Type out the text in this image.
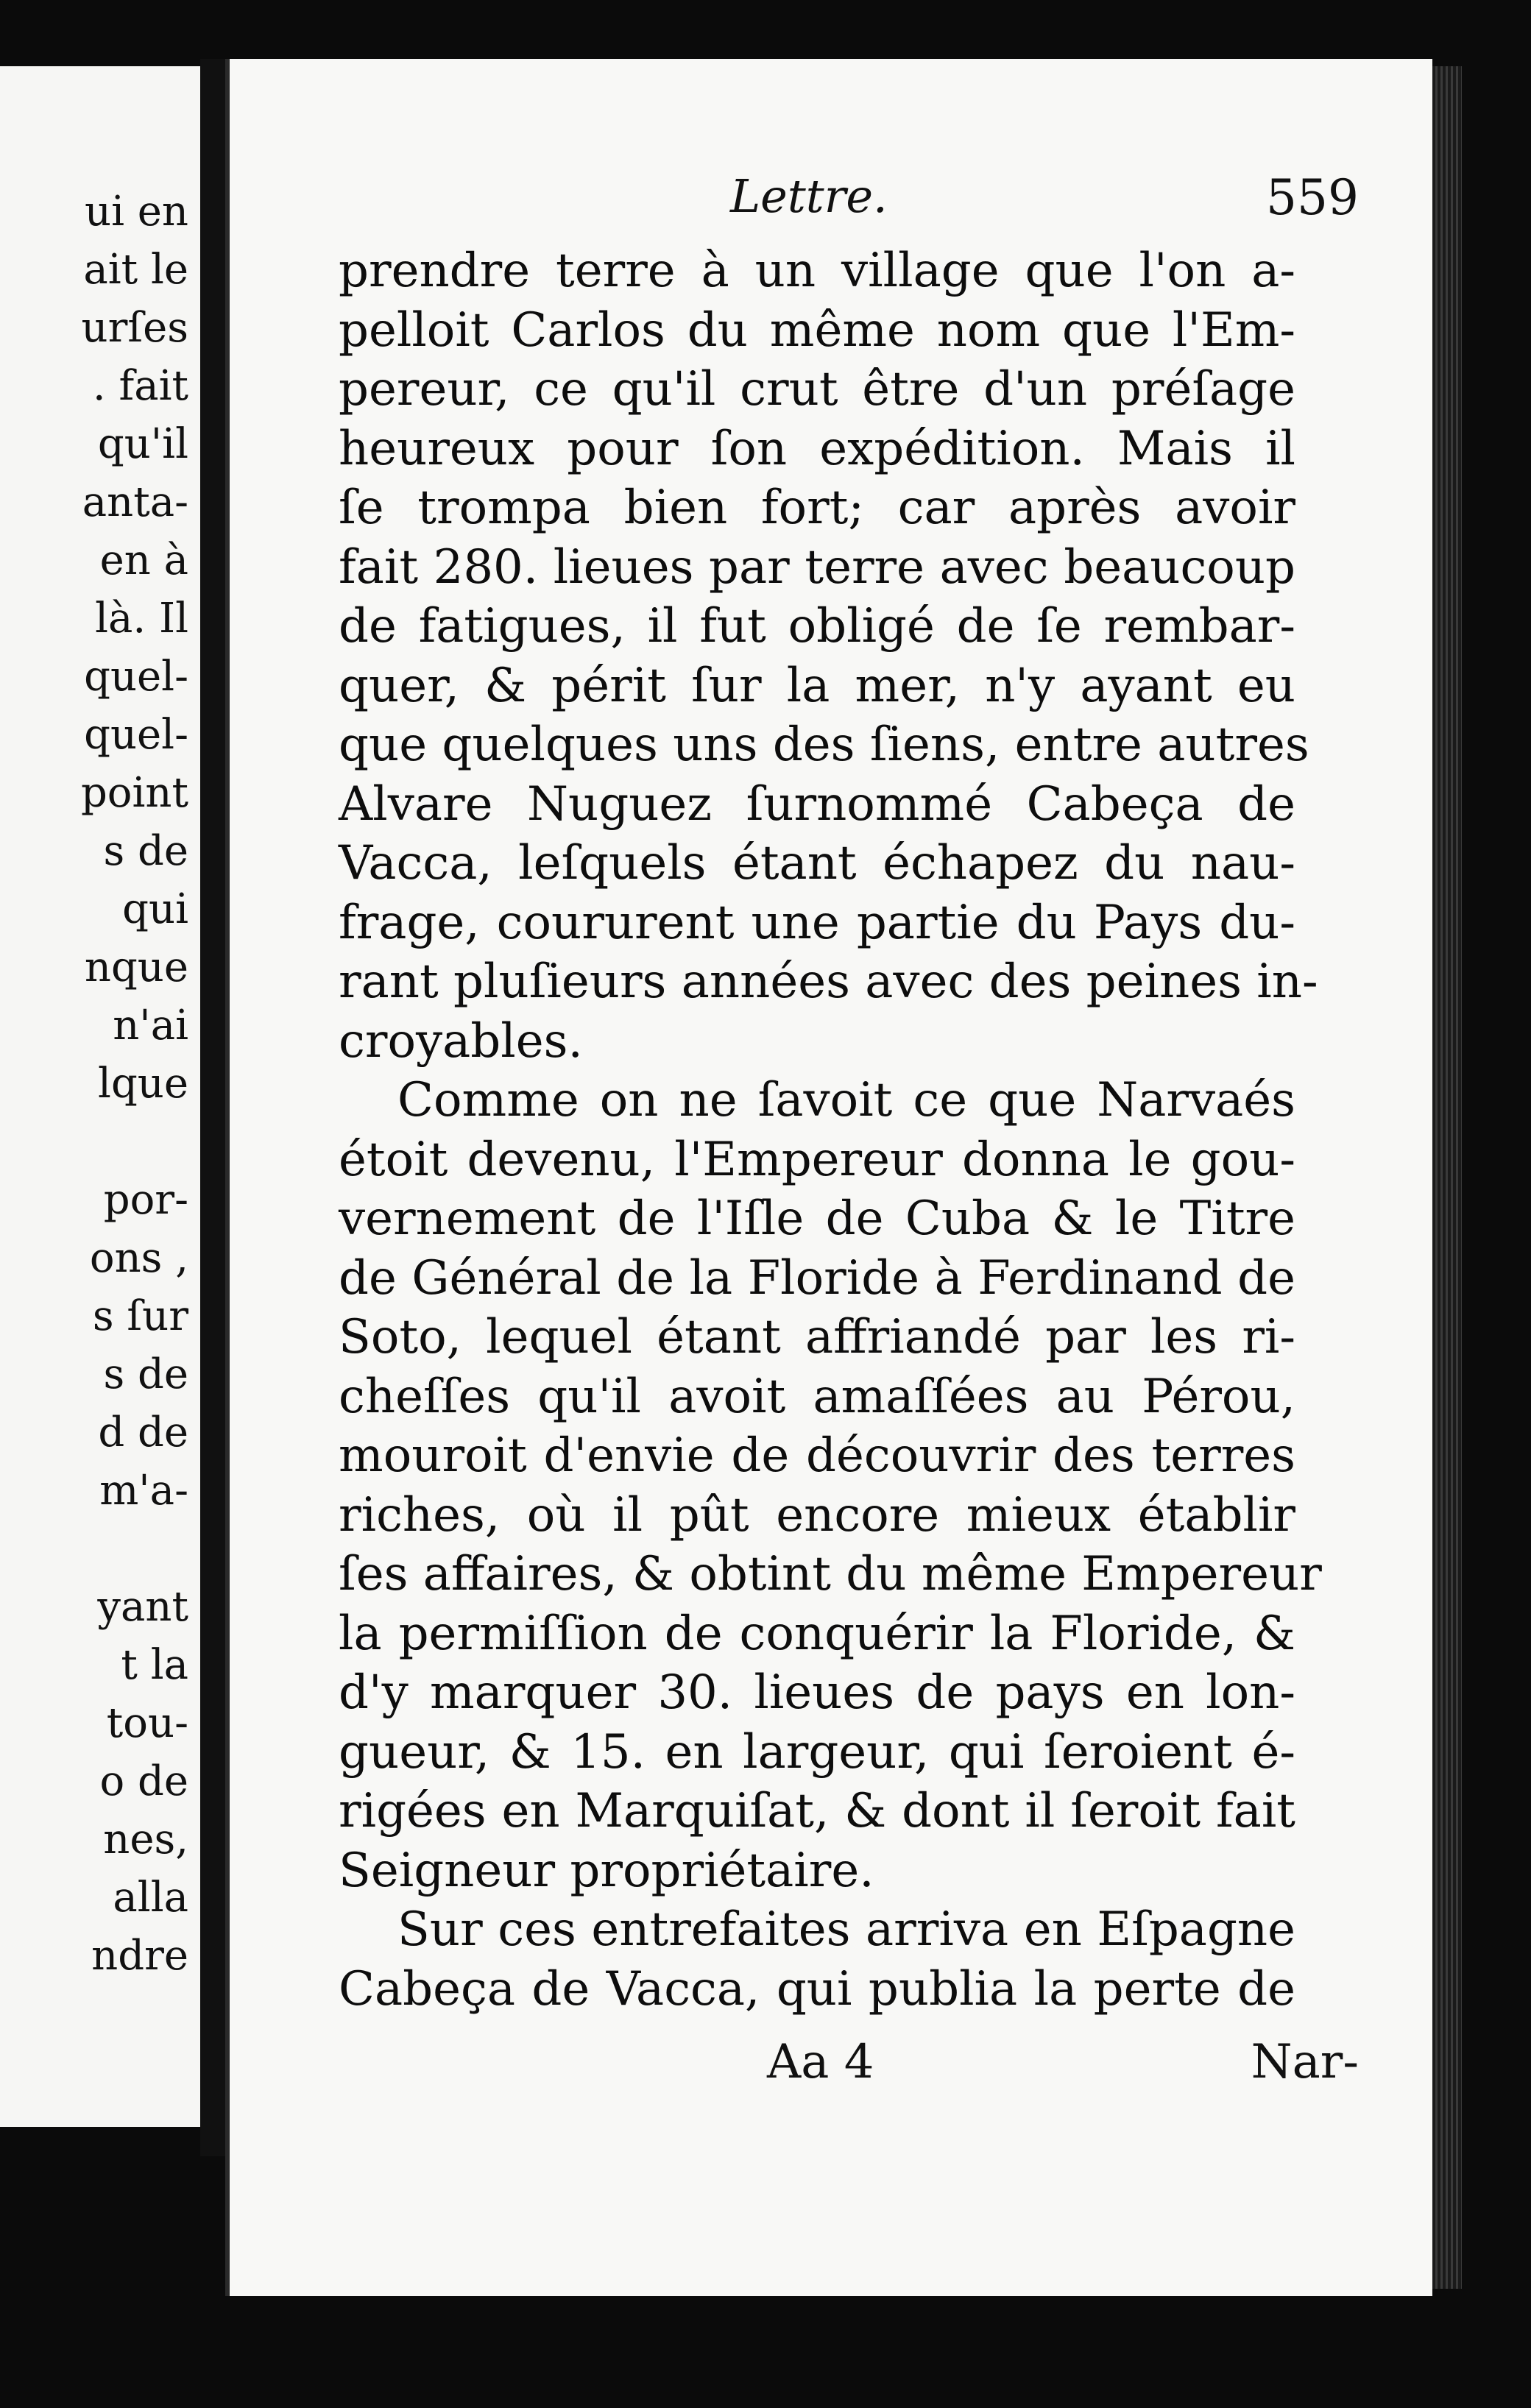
ui en
ait le
urſes
. fait
qu'il
anta-
en à
là. Il
quel-
quel-
point
s de
qui
nque
n'ai
lque
por-
ons ,
s ſur
s de
d de
m'a-
yant
t la
tou-
o de
nes,
alla
ndre
Lettre.	559
prendre terre à un village que l'on a-
pelloit Carlos du même nom que l'Em-
pereur, ce qu'il crut être d'un préſage
heureux pour ſon expédition. Mais il
ſe trompa bien fort; car après avoir
fait 280. lieues par terre avec beaucoup
de fatigues, il fut obligé de ſe rembar-
quer, & périt ſur la mer, n'y ayant eu
que quelques uns des ſiens, entre autres
Alvare Nuguez ſurnommé Cabeça de
Vacca, leſquels étant échapez du nau-
frage, coururent une partie du Pays du-
rant pluſieurs années avec des peines in-
croyables.
Comme on ne ſavoit ce que Narvaés
étoit devenu, l'Empereur donna le gou-
vernement de l'Iſle de Cuba & le Titre
de Général de la Floride à Ferdinand de
Soto, lequel étant affriandé par les ri-
cheſſes qu'il avoit amaſſées au Pérou,
mouroit d'envie de découvrir des terres
riches, où il pût encore mieux établir
ſes affaires, & obtint du même Empereur
la permiſſion de conquérir la Floride, &
d'y marquer 30. lieues de pays en lon-
gueur, & 15. en largeur, qui ſeroient é-
rigées en Marquiſat, & dont il ſeroit fait
Seigneur propriétaire.
Sur ces entrefaites arriva en Eſpagne
Cabeça de Vacca, qui publia la perte de
Aa 4	Nar-
